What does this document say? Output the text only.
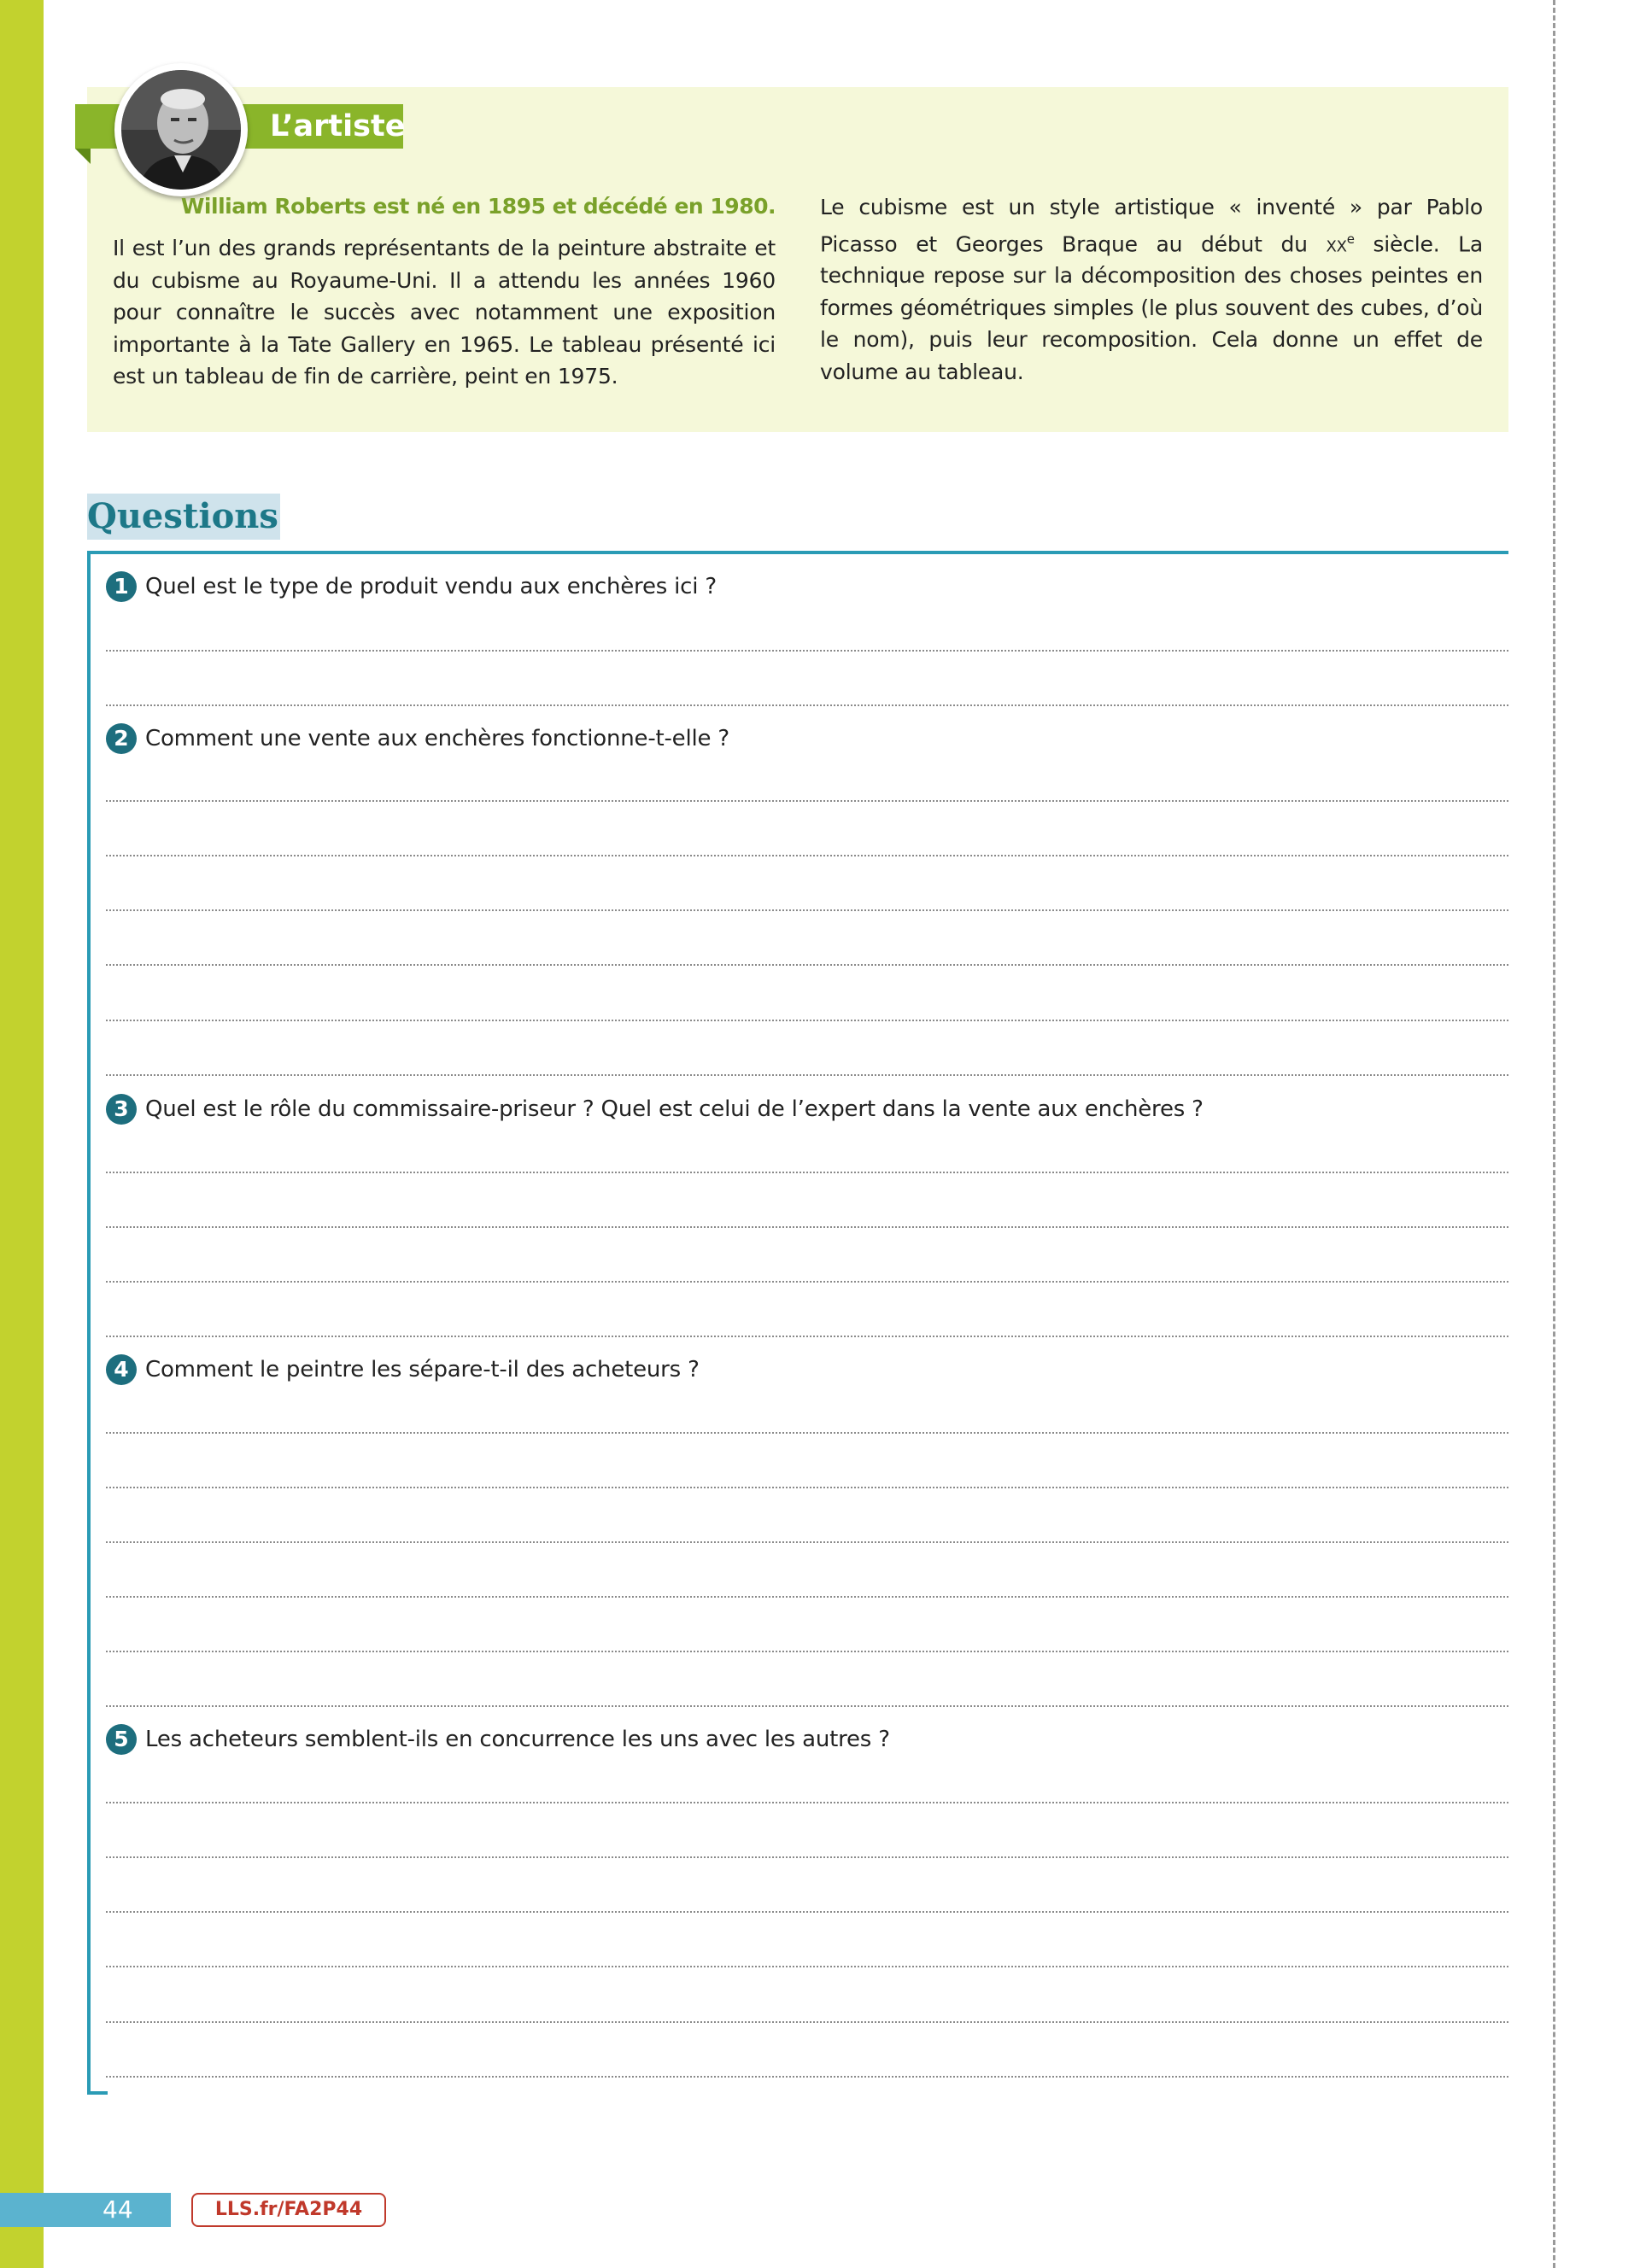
L’artiste
William Roberts est né en 1895 et décédé en 1980.
Il est l’un des grands représentants de la peinture abstraite et du cubisme au Royaume-Uni. Il a attendu les années 1960 pour connaître le succès avec notamment une exposition importante à la Tate Gallery en 1965. Le tableau présenté ici est un tableau de fin de carrière, peint en 1975.
Le cubisme est un style artistique « inventé » par Pablo Picasso et Georges Braque au début du $xx^e$ siècle. La technique repose sur la décomposition des choses peintes en formes géométriques simples (le plus souvent des cubes, d’où le nom), puis leur recomposition. Cela donne un effet de volume au tableau.
Questions
1 Quel est le type de produit vendu aux enchères ici ?
2 Comment une vente aux enchères fonctionne-t-elle ?
3 Quel est le rôle du commissaire-priseur ? Quel est celui de l’expert dans la vente aux enchères ?
4 Comment le peintre les sépare-t-il des acheteurs ?
5 Les acheteurs semblent-ils en concurrence les uns avec les autres ?
44	LLS.fr/FA2P44
